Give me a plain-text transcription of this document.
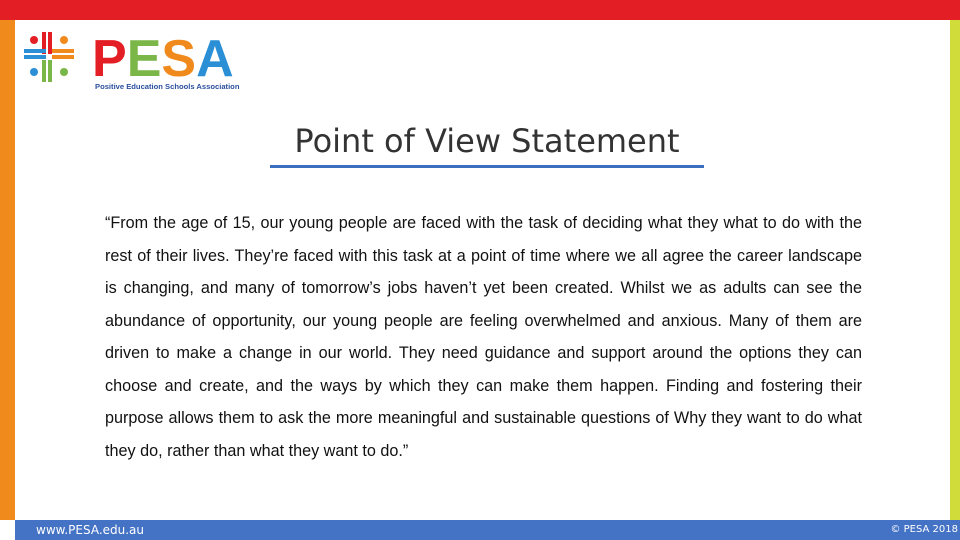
PESA
Positive Education Schools Association
Point of View Statement

“From the age of 15, our young people are faced with the task of deciding what they what to do with the rest of their lives. They’re faced with this task at a point of time where we all agree the career landscape is changing, and many of tomorrow’s jobs haven’t yet been created. Whilst we as adults can see the abundance of opportunity, our young people are feeling overwhelmed and anxious. Many of them are driven to make a change in our world. They need guidance and support around the options they can choose and create, and the ways by which they can make them happen. Finding and fostering their purpose allows them to ask the more meaningful and sustainable questions of Why they want to do what they do, rather than what they want to do.”

www.PESA.edu.au	© PESA 2018
